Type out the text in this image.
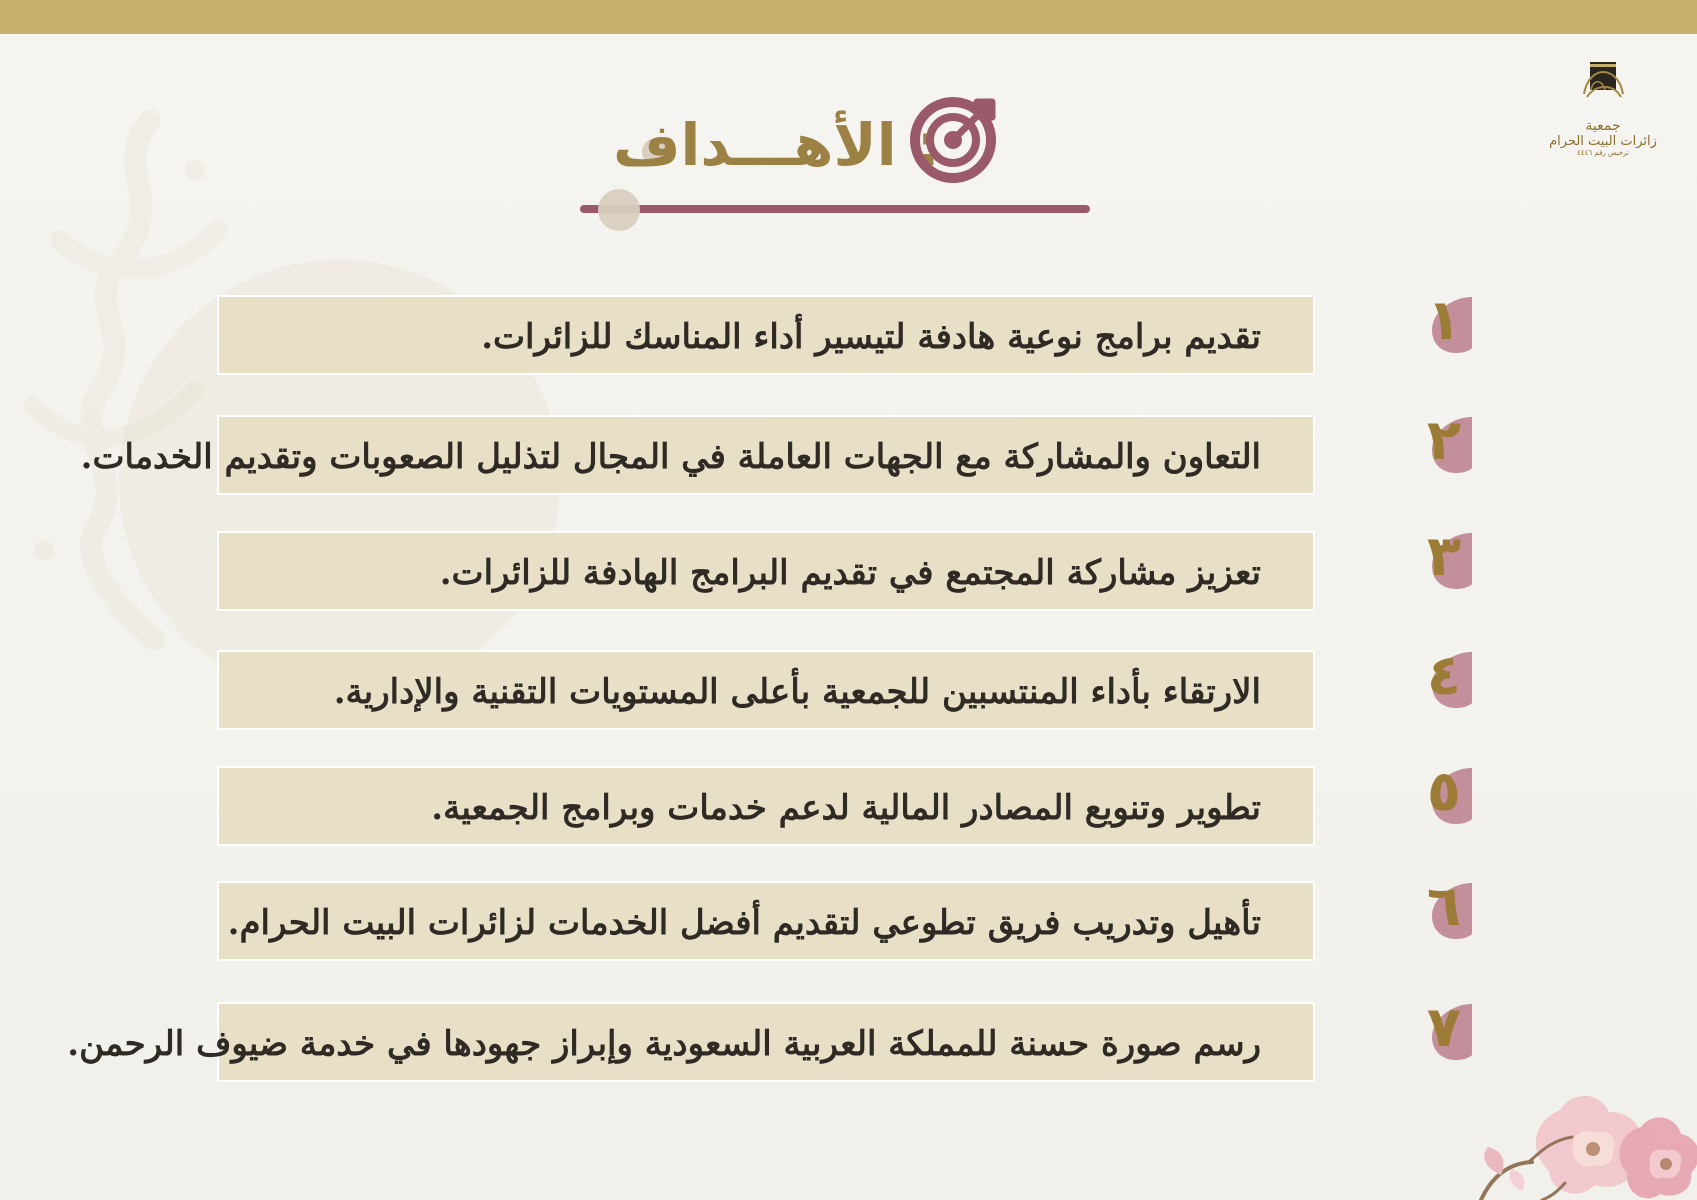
جمعية
زائرات البيت الحرام
ترخيص رقم ٤٤٤٦
: الأهـــداف
تقديم برامج نوعية هادفة لتيسير أداء المناسك للزائرات.	١
التعاون والمشاركة مع الجهات العاملة في المجال لتذليل الصعوبات وتقديم الخدمات.	٢
تعزيز مشاركة المجتمع في تقديم البرامج الهادفة للزائرات.	٣
الارتقاء بأداء المنتسبين للجمعية بأعلى المستويات التقنية والإدارية.	٤
تطوير وتنويع المصادر المالية لدعم خدمات وبرامج الجمعية.	٥
تأهيل وتدريب فريق تطوعي لتقديم أفضل الخدمات لزائرات البيت الحرام.	٦
رسم صورة حسنة للمملكة العربية السعودية وإبراز جهودها في خدمة ضيوف الرحمن.	٧
